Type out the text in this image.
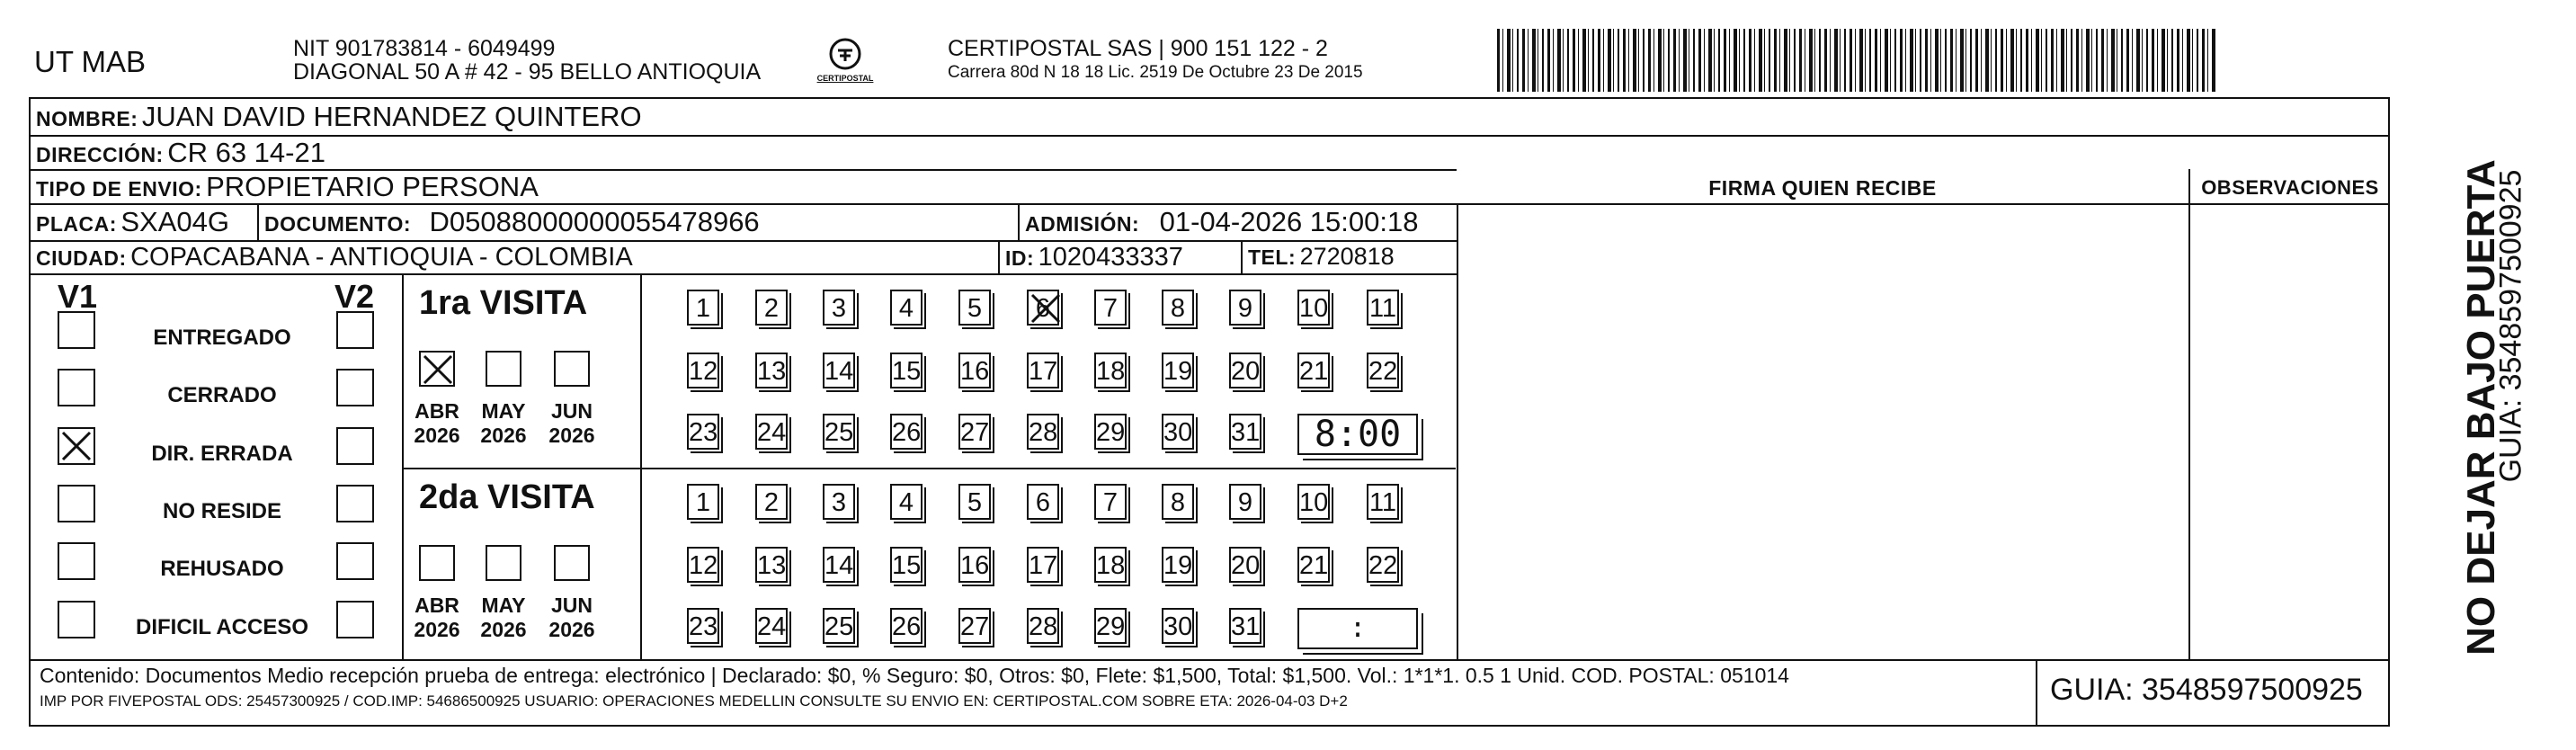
UT MAB	NIT 901783814 - 6049499
DIAGONAL 50 A # 42 - 95 BELLO ANTIOQUIA	CERTIPOSTAL
CERTIPOSTAL SAS | 900 151 122 - 2
Carrera 80d N 18 18 Lic. 2519 De Octubre 23 De 2015
NOMBRE: JUAN DAVID HERNANDEZ QUINTERO
DIRECCIÓN: CR 63 14-21
TIPO DE ENVIO: PROPIETARIO PERSONA
PLACA: SXA04G DOCUMENTO: D05088000000055478966	ADMISIÓN: 01-04-2026 15:00:18
CIUDAD: COPACABANA - ANTIOQUIA - COLOMBIA	ID: 1020433337	TEL: 2720818
FIRMA QUIEN RECIBE	OBSERVACIONES
V1	V2
ENTREGADO
CERRADO
DIR. ERRADA
NO RESIDE
REHUSADO
DIFICIL ACCESO
1ra VISITA
ABR
2026
MAY
2026
JUN
2026
1	2	3	4	5	6	7	8	9	10 11
12 13 14 15 16 17 18 19 20 21 22
23 24 25 26 27 28 29 30 31	8:00
2da VISITA
ABR
2026
MAY
2026
JUN
2026
1	2	3	4	5	6	7	8	9	10 11
12 13 14 15 16 17 18 19 20 21 22
23 24 25 26 27 28 29 30 31	:
Contenido: Documentos Medio recepción prueba de entrega: electrónico | Declarado: $0, % Seguro: $0, Otros: $0, Flete: $1,500, Total: $1,500. Vol.: 1*1*1. 0.5 1 Unid. COD. POSTAL: 051014
IMP POR FIVEPOSTAL ODS: 25457300925 / COD.IMP: 54686500925 USUARIO: OPERACIONES MEDELLIN CONSULTE SU ENVIO EN: CERTIPOSTAL.COM SOBRE ETA: 2026-04-03 D+2	GUIA: 3548597500925
NO DEJAR BAJO PUERTA
GUIA: 3548597500925
